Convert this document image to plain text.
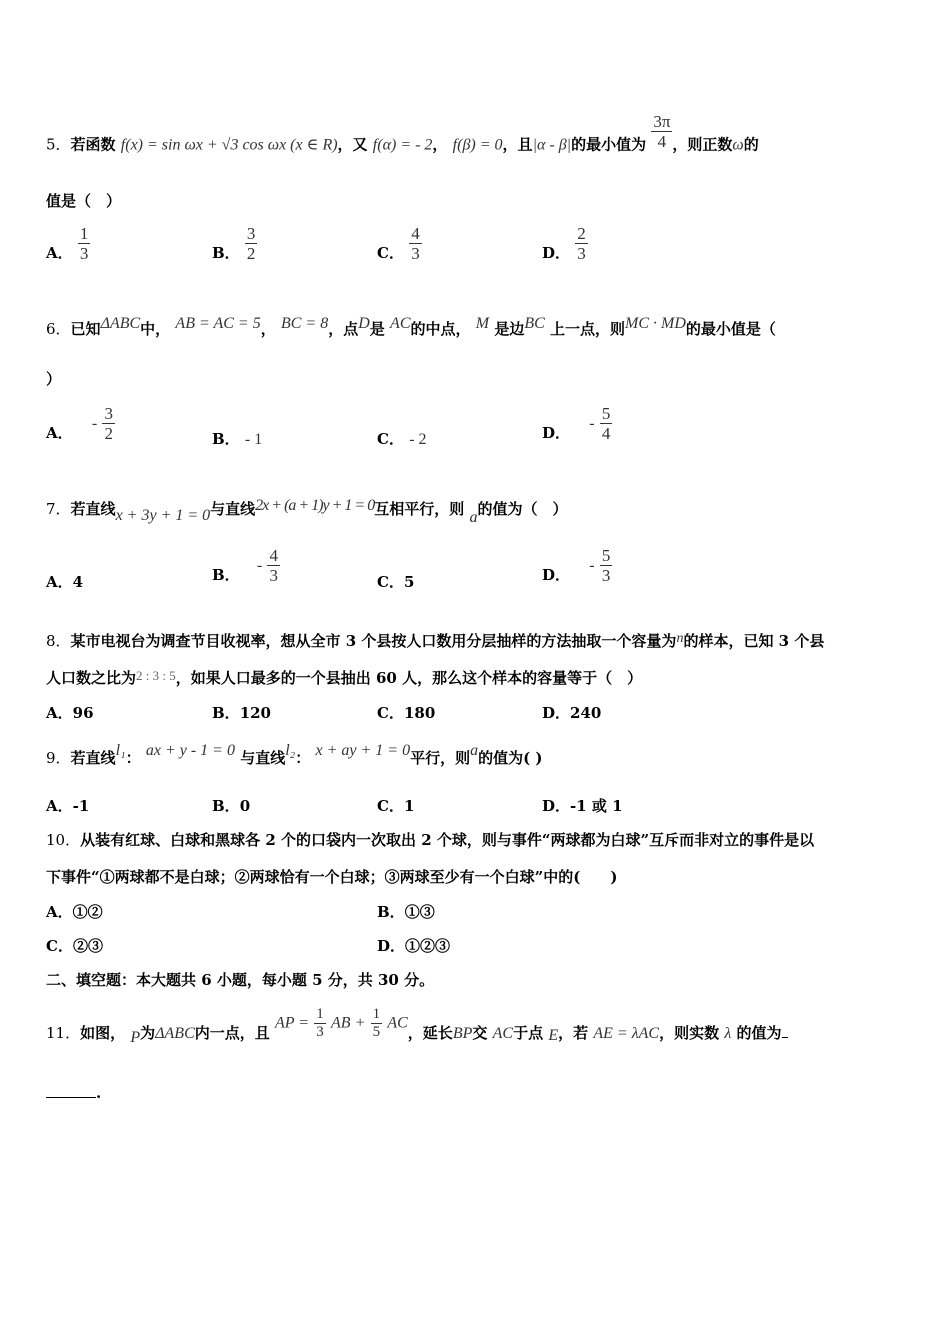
5．若函数 f(x) = sin ωx + √3 cos ωx (x ∈ R)，又 f(α) = - 2， f(β) = 0，且|α - β|的最小值为 $\frac{3\pi}{4}$ ，则正数ω的
值是（　）
A． $\frac{1}{3}$	B． $\frac{3}{2}$	C． $\frac{4}{3}$	D． $\frac{2}{3}$
6．已知ΔABC中， AB = AC = 5， BC = 8，点D是 AC的中点， M 是边BC 上一点，则MC · MD的最小值是（
）
A． - $\frac{3}{2}$	B． - 1	C． - 2	D． - $\frac{5}{4}$
7．若直线x + 3y + 1 = 0与直线2x + (a + 1)y + 1 = 0互相平行，则 a的值为（　）
A．4	B． - $\frac{4}{3}$	C．5	D． - $\frac{5}{3}$
8．某市电视台为调查节目收视率，想从全市 3 个县按人口数用分层抽样的方法抽取一个容量为n的样本，已知 3 个县
人口数之比为2 : 3 : 5，如果人口最多的一个县抽出 60 人，那么这个样本的容量等于（　）
A．96	B．120	C．180	D．240
9．若直线l₁： ax + y - 1 = 0 与直线l₂： x + ay + 1 = 0平行，则a的值为( )
A．-1	B．0	C．1	D．-1 或 1
10．从装有红球、白球和黑球各 2 个的口袋内一次取出 2 个球，则与事件“两球都为白球”互斥而非对立的事件是以
下事件“①两球都不是白球；②两球恰有一个白球；③两球至少有一个白球”中的(　　)
A．①②	B．①③
C．②③	D．①②③
二、填空题：本大题共 6 小题，每小题 5 分，共 30 分。
11．如图， P为ΔABC内一点，且 AP = $\frac{1}{3}$ AB + $\frac{1}{5}$ AC，延长BP交 AC于点 E，若 AE = λAC，则实数 λ 的值为
.
